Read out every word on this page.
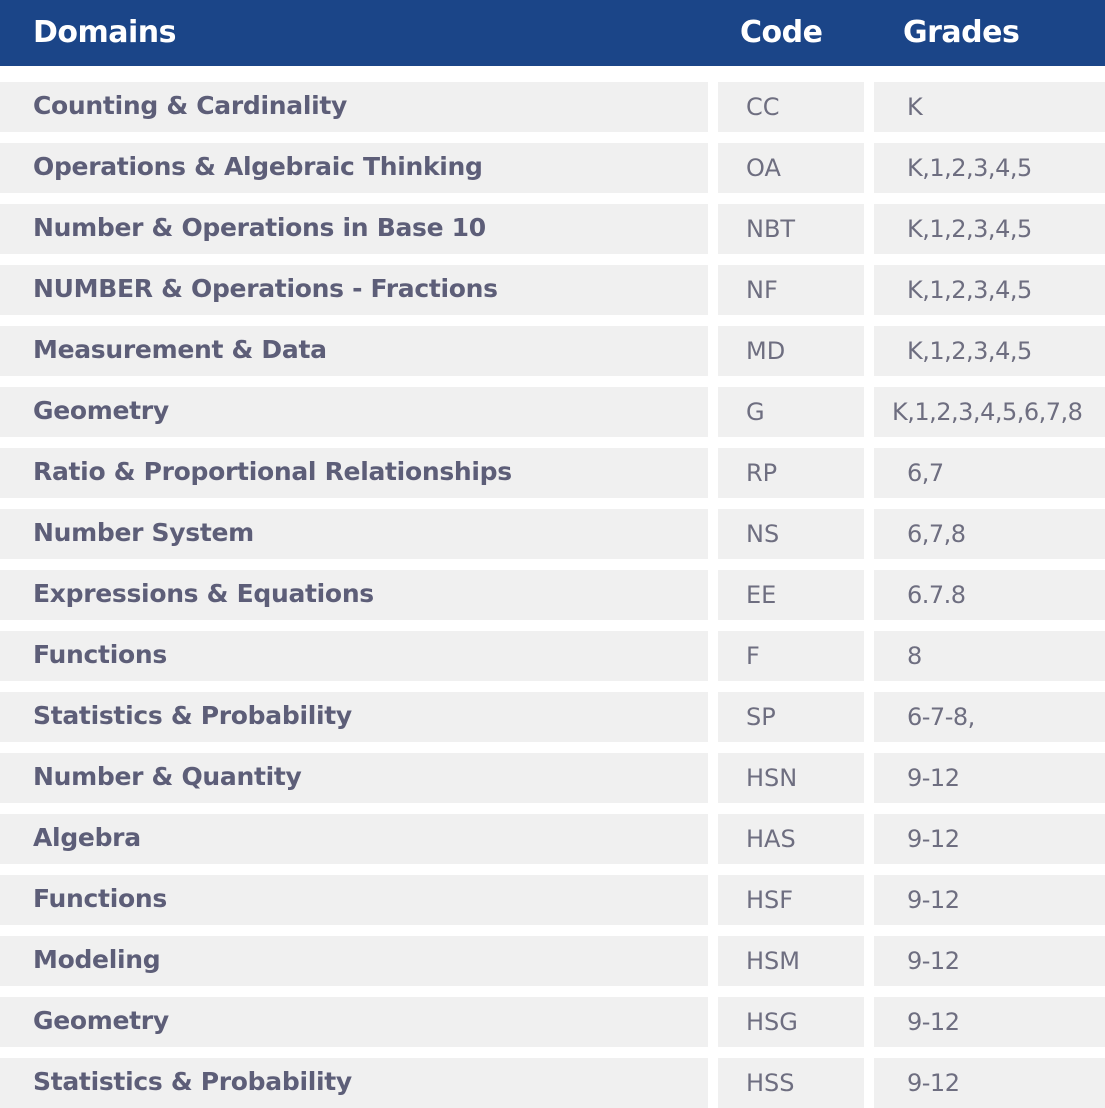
Domains	Code	Grades
Counting & Cardinality	CC	K
Operations & Algebraic Thinking	OA	K,1,2,3,4,5
Number & Operations in Base 10	NBT	K,1,2,3,4,5
NUMBER & Operations - Fractions	NF	K,1,2,3,4,5
Measurement & Data	MD	K,1,2,3,4,5
Geometry	G	K,1,2,3,4,5,6,7,8
Ratio & Proportional Relationships	RP	6,7
Number System	NS	6,7,8
Expressions & Equations	EE	6.7.8
Functions	F	8
Statistics & Probability	SP	6-7-8,
Number & Quantity	HSN	9-12
Algebra	HAS	9-12
Functions	HSF	9-12
Modeling	HSM	9-12
Geometry	HSG	9-12
Statistics & Probability	HSS	9-12
